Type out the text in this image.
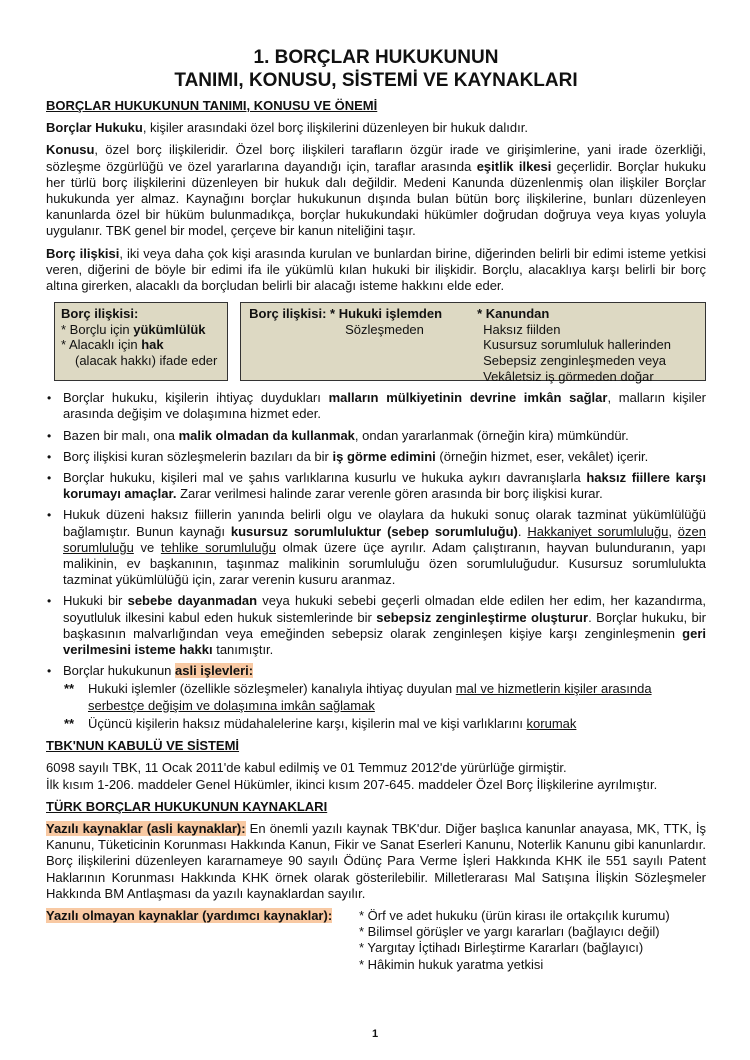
1. BORÇLAR HUKUKUNUN
TANIMI, KONUSU, SİSTEMİ VE KAYNAKLARI
BORÇLAR HUKUKUNUN TANIMI, KONUSU VE ÖNEMİ

Borçlar Hukuku, kişiler arasındaki özel borç ilişkilerini düzenleyen bir hukuk dalıdır.

Konusu, özel borç ilişkileridir. Özel borç ilişkileri tarafların özgür irade ve girişimlerine, yani irade özerkliği, sözleşme özgürlüğü ve özel yararlarına dayandığı için, taraflar arasında eşitlik ilkesi geçerlidir. Borçlar hukuku her türlü borç ilişkilerini düzenleyen bir hukuk dalı değildir. Medeni Kanunda düzenlenmiş olan ilişkiler Borçlar hukukunda yer almaz. Kaynağını borçlar hukukunun dışında bulan bütün borç ilişkilerine, bunları düzenleyen kanunlarda özel bir hüküm bulunmadıkça, borçlar hukukundaki hükümler doğrudan doğruya veya kıyas yoluyla uygulanır. TBK genel bir model, çerçeve bir kanun niteliğini taşır.

Borç ilişkisi, iki veya daha çok kişi arasında kurulan ve bunlardan birine, diğerinden belirli bir edimi isteme yetkisi veren, diğerini de böyle bir edimi ifa ile yükümlü kılan hukuki bir ilişkidir. Borçlu, alacaklıya karşı belirli bir borç altına girerken, alacaklı da borçludan belirli bir alacağı isteme hakkını elde eder.

Borç ilişkisi:
* Borçlu için yükümlülük
* Alacaklı için hak
(alacak hakkı) ifade eder
Borç ilişkisi: * Hukuki işlemden
Sözleşmeden
* Kanundan
Haksız fiilden
Kusursuz sorumluluk hallerinden
Sebepsiz zenginleşmeden veya
Vekâletsiz iş görmeden doğar
• Borçlar hukuku, kişilerin ihtiyaç duydukları malların mülkiyetinin devrine imkân sağlar, malların kişiler arasında değişim ve dolaşımına hizmet eder.
• Bazen bir malı, ona malik olmadan da kullanmak, ondan yararlanmak (örneğin kira) mümkündür.
• Borç ilişkisi kuran sözleşmelerin bazıları da bir iş görme edimini (örneğin hizmet, eser, vekâlet) içerir.
• Borçlar hukuku, kişileri mal ve şahıs varlıklarına kusurlu ve hukuka aykırı davranışlarla haksız fiillere karşı korumayı amaçlar. Zarar verilmesi halinde zarar verenle gören arasında bir borç ilişkisi kurar.
• Hukuk düzeni haksız fiillerin yanında belirli olgu ve olaylara da hukuki sonuç olarak tazminat yükümlülüğü bağlamıştır. Bunun kaynağı kusursuz sorumluluktur (sebep sorumluluğu). Hakkaniyet sorumluluğu, özen sorumluluğu ve tehlike sorumluluğu olmak üzere üçe ayrılır. Adam çalıştıranın, hayvan bulunduranın, yapı malikinin, ev başkanının, taşınmaz malikinin sorumluluğu özen sorumluluğudur. Kusursuz sorumlulukta tazminat yükümlülüğü için, zarar verenin kusuru aranmaz.
• Hukuki bir sebebe dayanmadan veya hukuki sebebi geçerli olmadan elde edilen her edim, her kazandırma, soyutluluk ilkesini kabul eden hukuk sistemlerinde bir sebepsiz zenginleştirme oluşturur. Borçlar hukuku, bir başkasının malvarlığından veya emeğinden sebepsiz olarak zenginleşen kişiye karşı zenginleşmenin geri verilmesini isteme hakkı tanımıştır.
• Borçlar hukukunun asli işlevleri:
** Hukuki işlemler (özellikle sözleşmeler) kanalıyla ihtiyaç duyulan mal ve hizmetlerin kişiler arasında serbestçe değişim ve dolaşımına imkân sağlamak
** Üçüncü kişilerin haksız müdahalelerine karşı, kişilerin mal ve kişi varlıklarını korumak
TBK'NUN KABULÜ VE SİSTEMİ
6098 sayılı TBK, 11 Ocak 2011'de kabul edilmiş ve 01 Temmuz 2012'de yürürlüğe girmiştir.
İlk kısım 1-206. maddeler Genel Hükümler, ikinci kısım 207-645. maddeler Özel Borç İlişkilerine ayrılmıştır.
TÜRK BORÇLAR HUKUKUNUN KAYNAKLARI

Yazılı kaynaklar (asli kaynaklar): En önemli yazılı kaynak TBK'dur. Diğer başlıca kanunlar anayasa, MK, TTK, İş Kanunu, Tüketicinin Korunması Hakkında Kanun, Fikir ve Sanat Eserleri Kanunu, Noterlik Kanunu gibi kanunlardır. Borç ilişkilerini düzenleyen kararnameye 90 sayılı Ödünç Para Verme İşleri Hakkında KHK ile 551 sayılı Patent Haklarının Korunması Hakkında KHK örnek olarak gösterilebilir. Milletlerarası Mal Satışına İlişkin Sözleşmeler Hakkında BM Antlaşması da yazılı kaynaklardan sayılır.

Yazılı olmayan kaynaklar (yardımcı kaynaklar):	* Örf ve adet hukuku (ürün kirası ile ortakçılık kurumu)
* Bilimsel görüşler ve yargı kararları (bağlayıcı değil)
* Yargıtay İçtihadı Birleştirme Kararları (bağlayıcı)
* Hâkimin hukuk yaratma yetkisi
1
